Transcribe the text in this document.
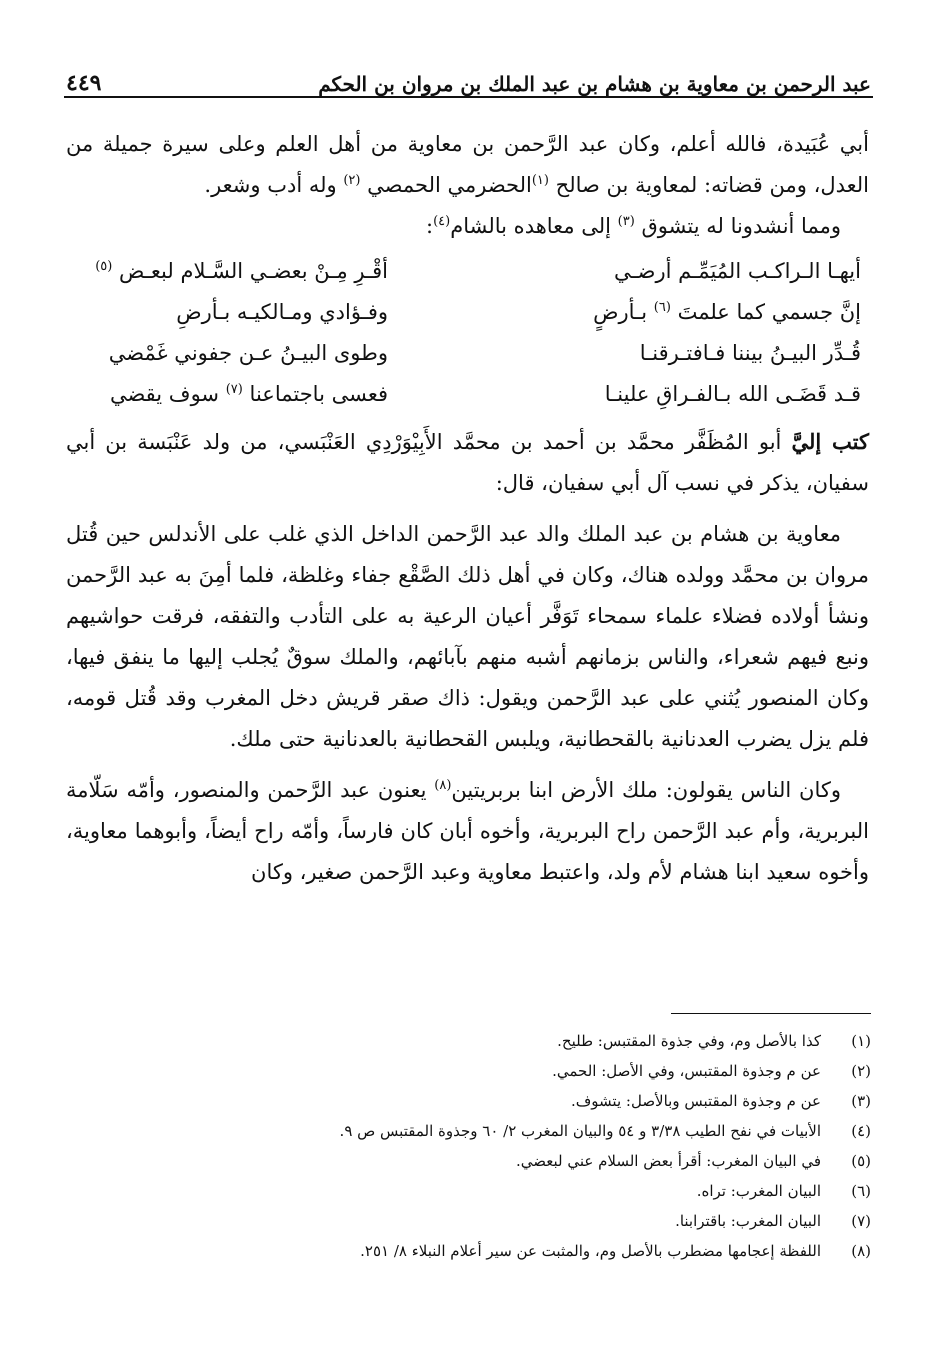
عبد الرحمن بن معاوية بن هشام بن عبد الملك بن مروان بن الحكم
٤٤٩

أبي عُبَيدة، فالله أعلم، وكان عبد الرَّحمن بن معاوية من أهل العلم وعلى سيرة جميلة من العدل، ومن قضاته: لمعاوية بن صالح $^{(١)}$الحضرمي الحمصي $^{(٢)}$ وله أدب وشعر.

ومما أنشدونا له يتشوق $^{(٣)}$ إلى معاهده بالشام$^{(٤)}$:

أيهـا الـراكـب المُيَمِّـم أرضـي
أقْـرِ مِـنْ بعضـي السَّـلام لبعـض $^{(٥)}$
إنَّ جسمي كما علمتَ $^{(٦)}$ بـأرضٍ
وفـؤادي ومـالكيـه بـأرضِ
قُـدِّر البيـنُ بيننا فـافتـرقنـا
وطوى البيـنُ عـن جفوني غَمْضي
قـد قَضَـى الله بـالفـراقِ علينـا
فعسى باجتماعنا $^{(٧)}$ سوف يقضي

كتب إليَّ أبو المُظَفَّر محمَّد بن أحمد بن محمَّد الأَبِيْوَرْدِي العَنْبَسي، من ولد عَنْبَسة بن أبي سفيان، يذكر في نسب آل أبي سفيان، قال:

معاوية بن هشام بن عبد الملك والد عبد الرَّحمن الداخل الذي غلب على الأندلس حين قُتل مروان بن محمَّد وولده هناك، وكان في أهل ذلك الصَّقْع جفاء وغلظة، فلما أمِنَ به عبد الرَّحمن ونشأ أولاده فضلاء علماء سمحاء تَوَفَّر أعيان الرعية به على التأدب والتفقه، فرقت حواشيهم ونبع فيهم شعراء، والناس بزمانهم أشبه منهم بآبائهم، والملك سوقٌ يُجلب إليها ما ينفق فيها، وكان المنصور يُثني على عبد الرَّحمن ويقول: ذاك صقر قريش دخل المغرب وقد قُتل قومه، فلم يزل يضرب العدنانية بالقحطانية، ويلبس القحطانية بالعدنانية حتى ملك.

وكان الناس يقولون: ملك الأرض ابنا بربريتين$^{(٨)}$ يعنون عبد الرَّحمن والمنصور، وأمّه سَلّامة البربرية، وأم عبد الرَّحمن راح البربرية، وأخوه أبان كان فارساً، وأمّه راح أيضاً، وأبوهما معاوية، وأخوه سعيد ابنا هشام لأم ولد، واعتبط معاوية وعبد الرَّحمن صغير، وكان

(١)
كذا بالأصل وم، وفي جذوة المقتبس: طليح.
(٢)
عن م وجذوة المقتبس، وفي الأصل: الحمي.
(٣)
عن م وجذوة المقتبس وبالأصل: يتشوف.
(٤)
الأبيات في نفح الطيب ٣/٣٨ و ٥٤ والبيان المغرب ٢/ ٦٠ وجذوة المقتبس ص ٩.
(٥)
في البيان المغرب: أقرأ بعض السلام عني لبعضي.
(٦)
البيان المغرب: تراه.
(٧)
البيان المغرب: باقترابنا.
(٨)
اللفظة إعجامها مضطرب بالأصل وم، والمثبت عن سير أعلام النبلاء ٨/ ٢٥١.
